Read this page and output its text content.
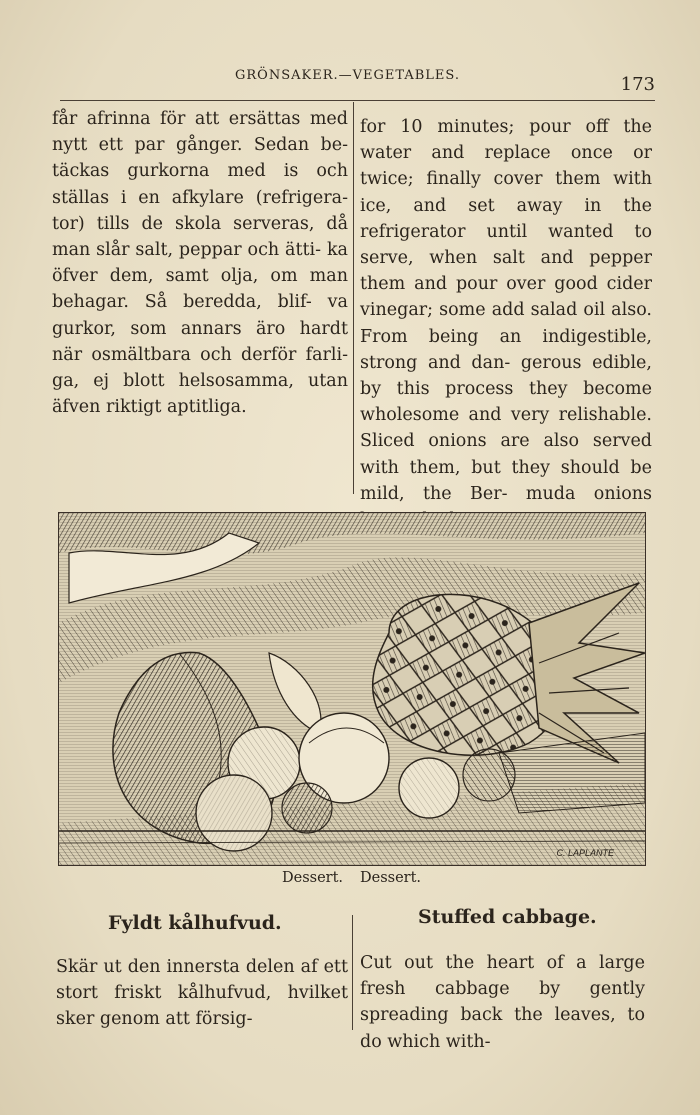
GRÖNSAKER.—VEGETABLES.	173

får afrinna för att ersättas med nytt ett par gånger. Sedan be- täckas gurkorna med is och ställas i en afkylare (refrigera- tor) tills de skola serveras, då man slår salt, peppar och ätti- ka öfver dem, samt olja, om man behagar. Så beredda, blif- va gurkor, som annars äro hardt när osmältbara och derför farli- ga, ej blott helsosamma, utan äfven riktigt aptitliga.

for 10 minutes; pour off the water and replace once or twice; finally cover them with ice, and set away in the refrigerator until wanted to serve, when salt and pepper them and pour over good cider vinegar; some add salad oil also. From being an indigestible, strong and dan- gerous edible, by this process they become wholesome and very relishable. Sliced onions are also served with them, but they should be mild, the Ber- muda onions

C. LAPLANTE
Dessert. Dessert.
Fyldt kålhufvud.	Stuffed cabbage.

Skär ut den innersta delen af ett stort friskt kålhufvud, hvilket sker genom att försig-

Cut out the heart of a large fresh cabbage by gently spreading back the leaves, to do which with-
